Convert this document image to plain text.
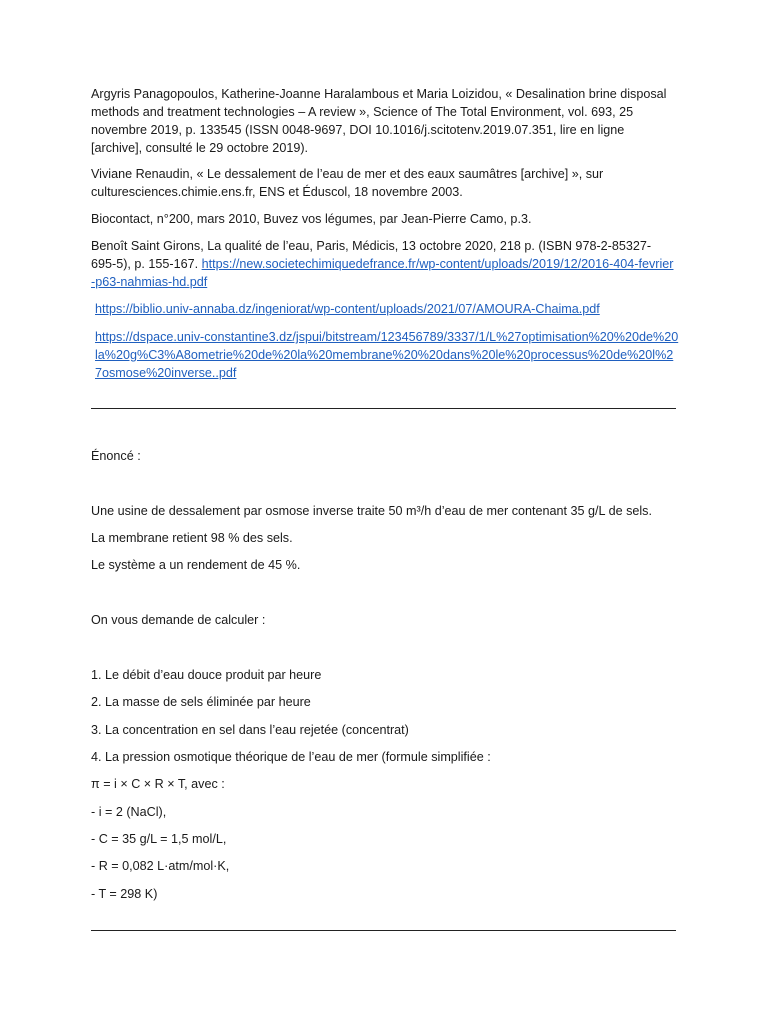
Argyris Panagopoulos, Katherine-Joanne Haralambous et Maria Loizidou, « Desalination brine disposal methods and treatment technologies – A review », Science of The Total Environment, vol. 693, 25 novembre 2019, p. 133545 (ISSN 0048-9697, DOI 10.1016/j.scitotenv.2019.07.351, lire en ligne [archive], consulté le 29 octobre 2019).

Viviane Renaudin, « Le dessalement de l’eau de mer et des eaux saumâtres [archive] », sur culturesciences.chimie.ens.fr, ENS et Éduscol, 18 novembre 2003.

Biocontact, n°200, mars 2010, Buvez vos légumes, par Jean-Pierre Camo, p.3.

Benoît Saint Girons, La qualité de l’eau, Paris, Médicis, 13 octobre 2020, 218 p. (ISBN 978-2-85327-695-5), p. 155-167. https://new.societechimiquedefrance.fr/wp-content/uploads/2019/12/2016-404-fevrier-p63-nahmias-hd.pdf

https://biblio.univ-annaba.dz/ingeniorat/wp-content/uploads/2021/07/AMOURA-Chaima.pdf

https://dspace.univ-constantine3.dz/jspui/bitstream/123456789/3337/1/L%27optimisation%20%20de%20la%20g%C3%A8ometrie%20de%20la%20membrane%20%20dans%20le%20processus%20de%20l%27osmose%20inverse..pdf

Énoncé :
Une usine de dessalement par osmose inverse traite 50 m³/h d’eau de mer contenant 35 g/L de sels.
La membrane retient 98 % des sels.
Le système a un rendement de 45 %.
On vous demande de calculer :
1. Le débit d’eau douce produit par heure
2. La masse de sels éliminée par heure
3. La concentration en sel dans l’eau rejetée (concentrat)
4. La pression osmotique théorique de l’eau de mer (formule simplifiée :
π = i × C × R × T, avec :
- i = 2 (NaCl),
- C = 35 g/L = 1,5 mol/L,
- R = 0,082 L·atm/mol·K,
- T = 298 K)
